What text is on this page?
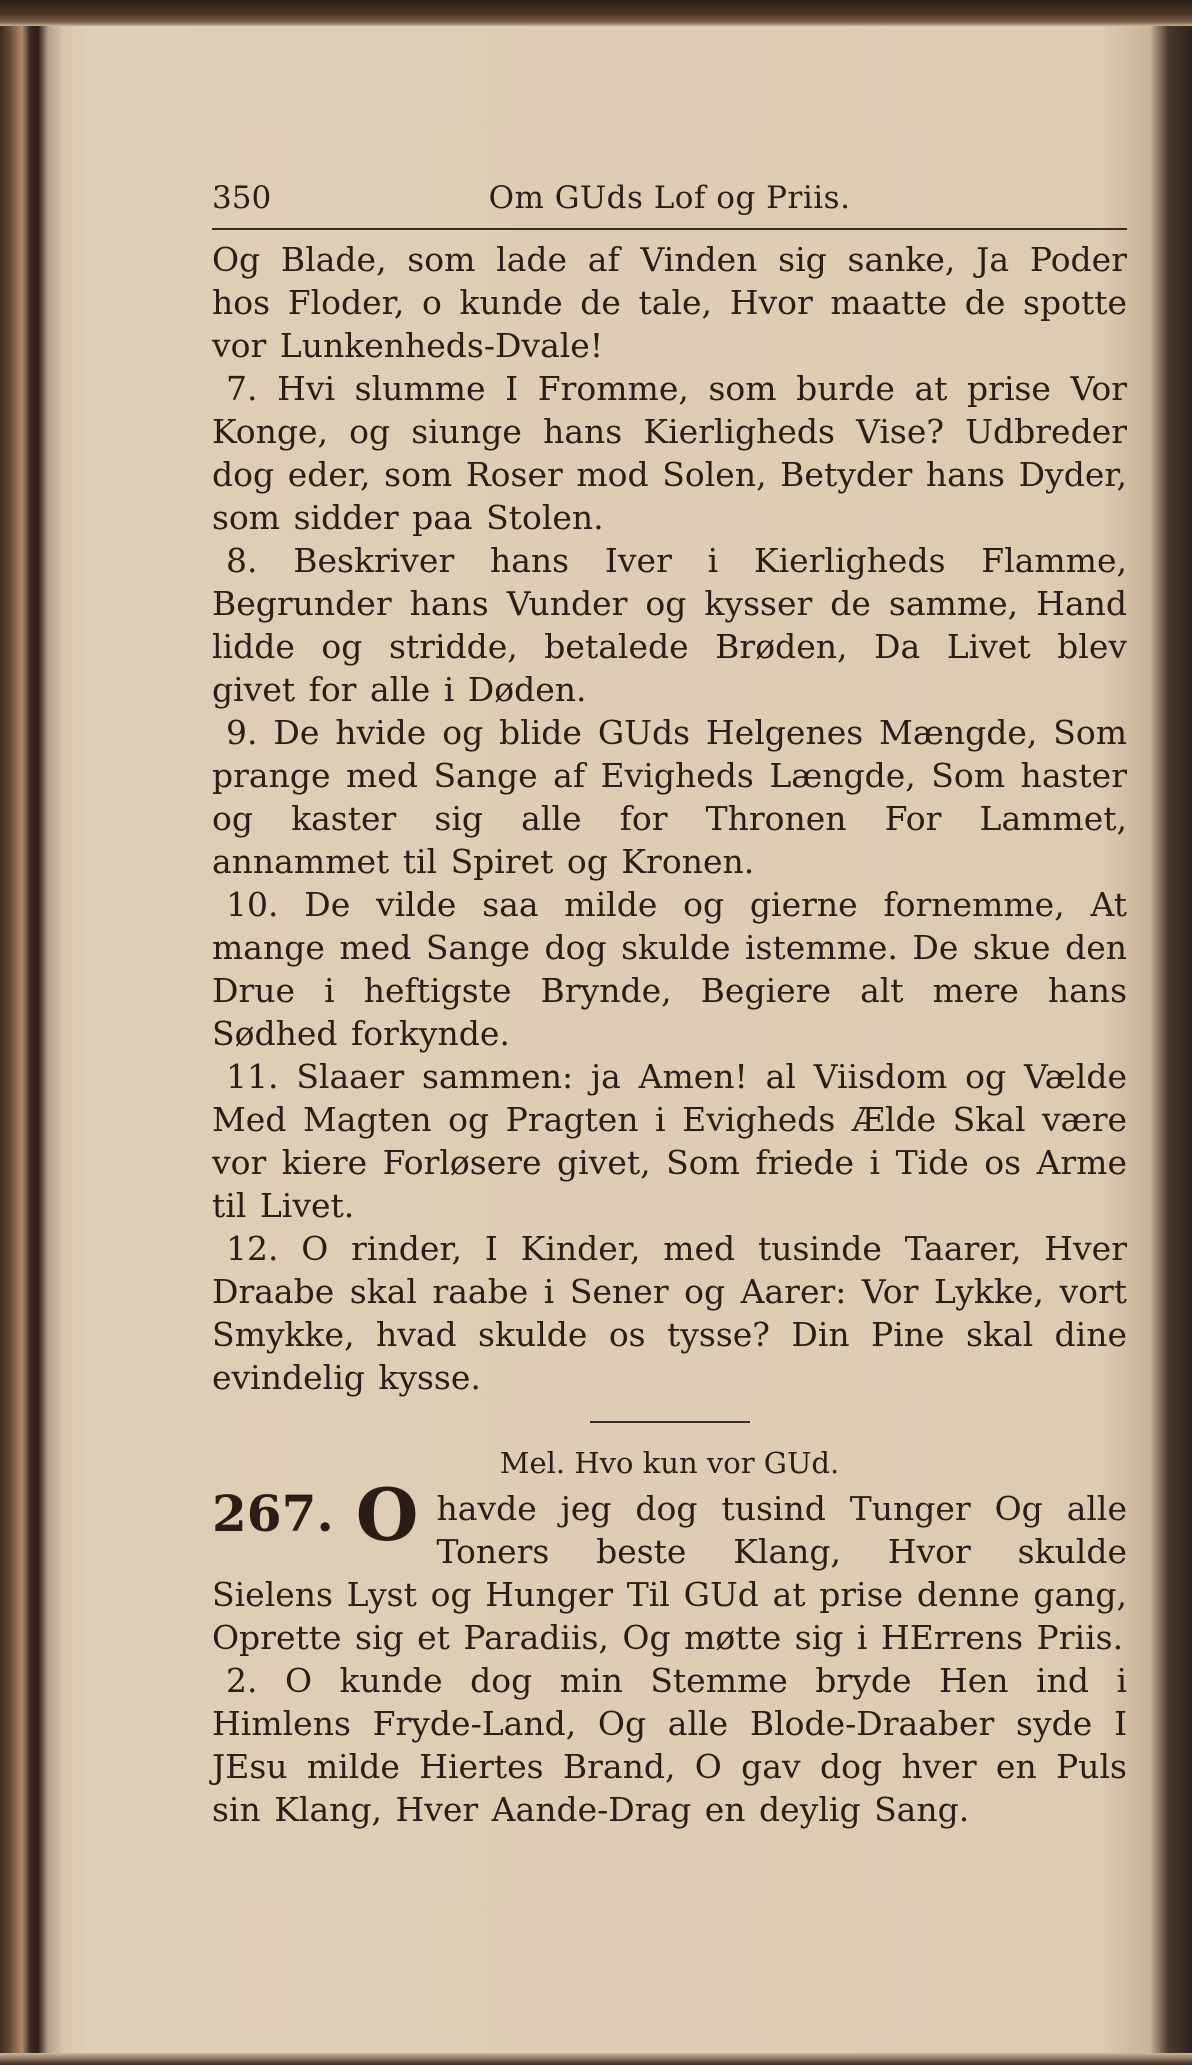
350	Om GUds Lof og Priis.

Og Blade, som lade af Vinden sig sanke, Ja Poder hos Floder, o kunde de tale, Hvor maatte de spotte vor Lunkenheds-Dvale!

7. Hvi slumme I Fromme, som burde at prise Vor Konge, og siunge hans Kierligheds Vise? Udbreder dog eder, som Roser mod Solen, Betyder hans Dyder, som sidder paa Stolen.

8. Beskriver hans Iver i Kierligheds Flamme, Begrunder hans Vunder og kysser de samme, Hand lidde og stridde, betalede Brøden, Da Livet blev givet for alle i Døden.

9. De hvide og blide GUds Helgenes Mængde, Som prange med Sange af Evigheds Længde, Som haster og kaster sig alle for Thronen For Lammet, annammet til Spiret og Kronen.

10. De vilde saa milde og gierne fornemme, At mange med Sange dog skulde istemme. De skue den Drue i heftigste Brynde, Begiere alt mere hans Sødhed forkynde.

11. Slaaer sammen: ja Amen! al Viisdom og Vælde Med Magten og Pragten i Evigheds Ælde Skal være vor kiere Forløsere givet, Som friede i Tide os Arme til Livet.

12. O rinder, I Kinder, med tusinde Taarer, Hver Draabe skal raabe i Sener og Aarer: Vor Lykke, vort Smykke, hvad skulde os tysse? Din Pine skal dine evindelig kysse.

Mel. Hvo kun vor GUd.

267. O havde jeg dog tusind Tunger Og alle Toners beste Klang, Hvor skulde Sielens Lyst og Hunger Til GUd at prise denne gang, Oprette sig et Paradiis, Og møtte sig i HErrens Priis.

2. O kunde dog min Stemme bryde Hen ind i Himlens Fryde-Land, Og alle Blode-Draaber syde I JEsu milde Hiertes Brand, O gav dog hver en Puls sin Klang, Hver Aande-Drag en deylig Sang.
